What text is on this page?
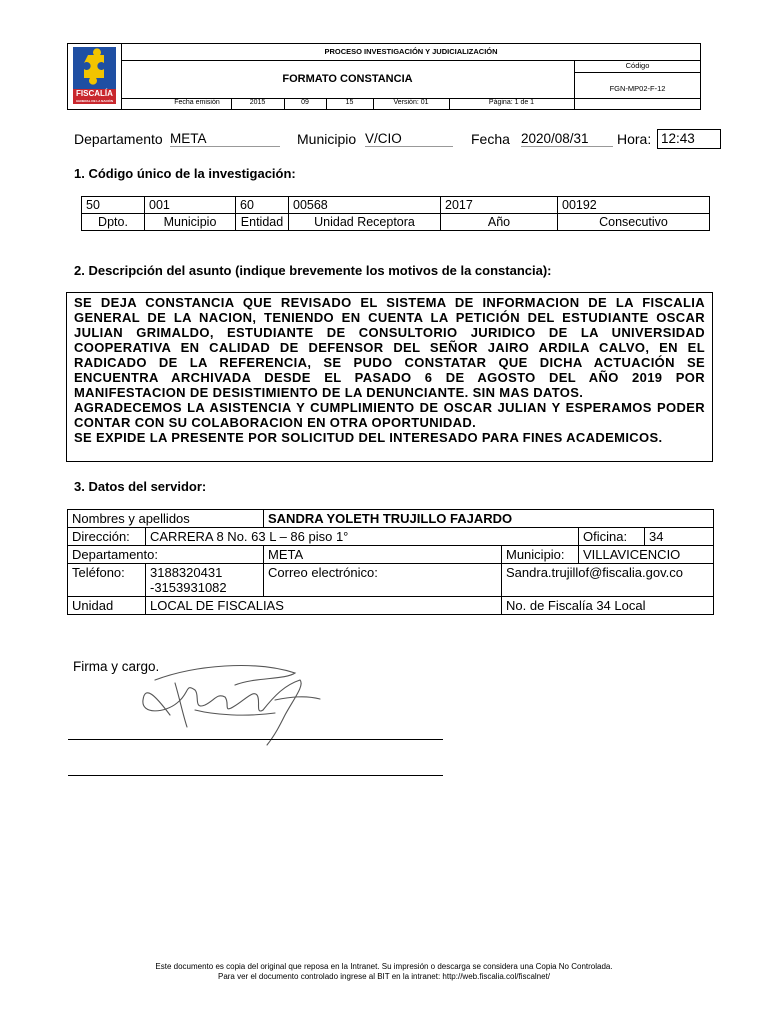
FISCALÍA
GENERAL DE LA NACIÓN
PROCESO INVESTIGACIÓN Y JUDICIALIZACIÓN
FORMATO CONSTANCIA
Código
FGN-MP02-F-12
Fecha emisión	2015	09	15	Versión: 01	Página: 1 de 1
Departamento META	Municipio V/CIO	Fecha 2020/08/31	Hora: 12:43
1. Código único de la investigación:
50	001	60	00568	2017	00192
Dpto.	Municipio	Entidad	Unidad Receptora	Año	Consecutivo
2. Descripción del asunto (indique brevemente los motivos de la constancia):

SE DEJA CONSTANCIA QUE REVISADO EL SISTEMA DE INFORMACION DE LA FISCALIA GENERAL DE LA NACION, TENIENDO EN CUENTA LA PETICIÓN DEL ESTUDIANTE OSCAR JULIAN GRIMALDO, ESTUDIANTE DE CONSULTORIO JURIDICO DE LA UNIVERSIDAD COOPERATIVA EN CALIDAD DE DEFENSOR DEL SEÑOR JAIRO ARDILA CALVO, EN EL RADICADO DE LA REFERENCIA, SE PUDO CONSTATAR QUE DICHA ACTUACIÓN SE ENCUENTRA ARCHIVADA DESDE EL PASADO 6 DE AGOSTO DEL AÑO 2019 POR MANIFESTACION DE DESISTIMIENTO DE LA DENUNCIANTE. SIN MAS DATOS.

AGRADECEMOS LA ASISTENCIA Y CUMPLIMIENTO DE OSCAR JULIAN Y ESPERAMOS PODER CONTAR CON SU COLABORACION EN OTRA OPORTUNIDAD.

SE EXPIDE LA PRESENTE POR SOLICITUD DEL INTERESADO PARA FINES ACADEMICOS.

3. Datos del servidor:
Nombres y apellidos		SANDRA YOLETH TRUJILLO FAJARDO			
Dirección:	CARRERA 8 No. 63 L – 86 piso 1°			Oficina:	34
Departamento:		META	Municipio:	VILLAVICENCIO	
Teléfono:	3188320431
-3153931082	Correo electrónico:	Sandra.trujillof@fiscalia.gov.co		
Unidad	LOCAL DE FISCALIAS		No. de Fiscalía 34 Local		
Firma y cargo.
Este documento es copia del original que reposa en la Intranet. Su impresión o descarga se considera una Copia No Controlada.
Para ver el documento controlado ingrese al BIT en la intranet: http://web.fiscalia.col/fiscalnet/
